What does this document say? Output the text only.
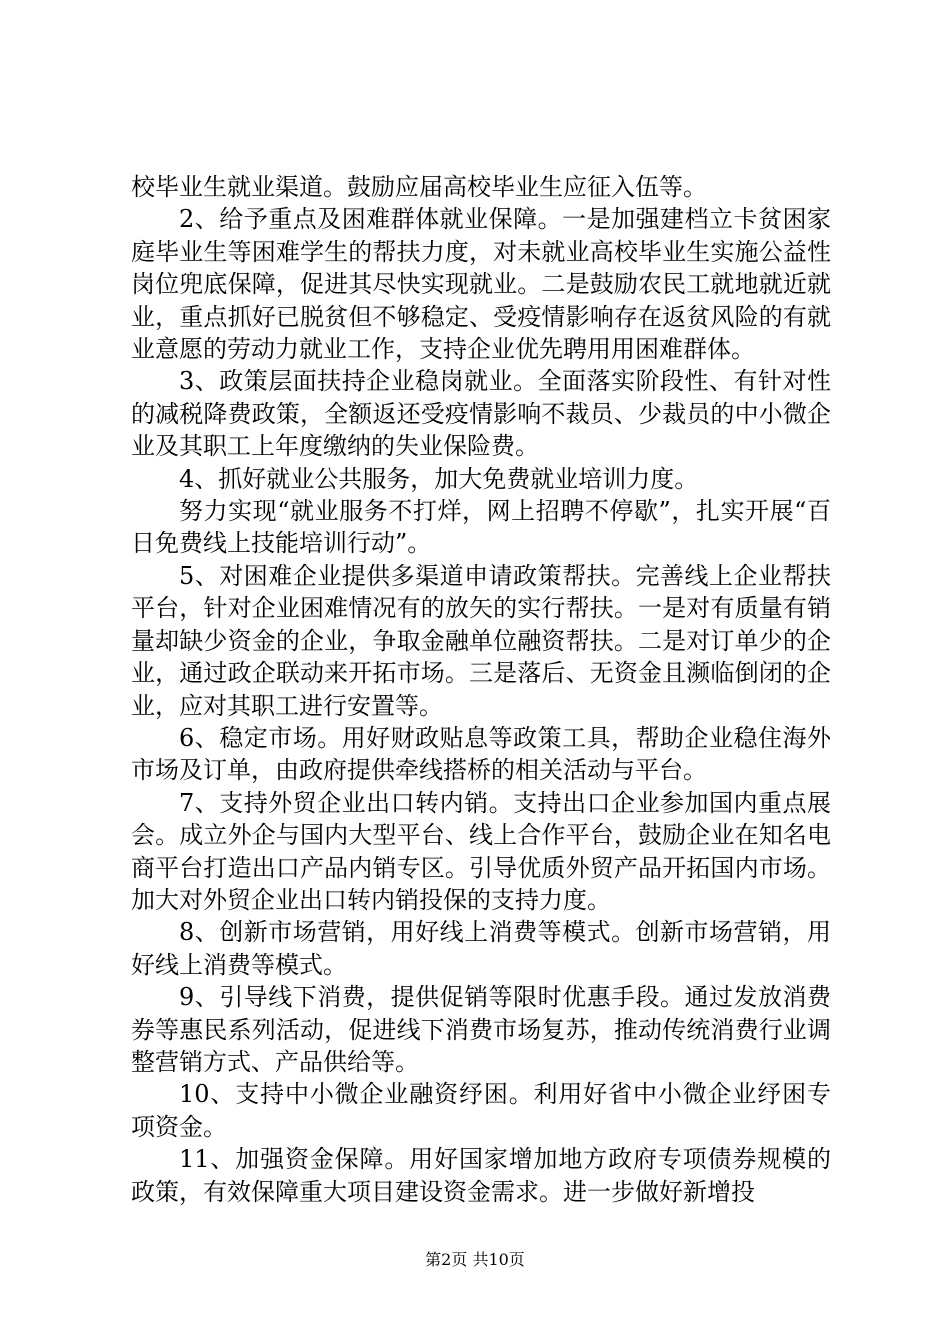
校毕业生就业渠道。鼓励应届高校毕业生应征入伍等。

2、给予重点及困难群体就业保障。一是加强建档立卡贫困家庭毕业生等困难学生的帮扶力度，对未就业高校毕业生实施公益性岗位兜底保障，促进其尽快实现就业。二是鼓励农民工就地就近就业，重点抓好已脱贫但不够稳定、受疫情影响存在返贫风险的有就业意愿的劳动力就业工作，支持企业优先聘用用困难群体。

3、政策层面扶持企业稳岗就业。全面落实阶段性、有针对性的减税降费政策，全额返还受疫情影响不裁员、少裁员的中小微企业及其职工上年度缴纳的失业保险费。

4、抓好就业公共服务，加大免费就业培训力度。

努力实现“就业服务不打烊，网上招聘不停歇”，扎实开展“百日免费线上技能培训行动”。

5、对困难企业提供多渠道申请政策帮扶。完善线上企业帮扶平台，针对企业困难情况有的放矢的实行帮扶。一是对有质量有销量却缺少资金的企业，争取金融单位融资帮扶。二是对订单少的企业，通过政企联动来开拓市场。三是落后、无资金且濒临倒闭的企业，应对其职工进行安置等。

6、稳定市场。用好财政贴息等政策工具，帮助企业稳住海外市场及订单，由政府提供牵线搭桥的相关活动与平台。

7、支持外贸企业出口转内销。支持出口企业参加国内重点展会。成立外企与国内大型平台、线上合作平台，鼓励企业在知名电商平台打造出口产品内销专区。引导优质外贸产品开拓国内市场。加大对外贸企业出口转内销投保的支持力度。

8、创新市场营销，用好线上消费等模式。创新市场营销，用好线上消费等模式。

9、引导线下消费，提供促销等限时优惠手段。通过发放消费券等惠民系列活动，促进线下消费市场复苏，推动传统消费行业调整营销方式、产品供给等。

10、支持中小微企业融资纾困。利用好省中小微企业纾困专项资金。

11、加强资金保障。用好国家增加地方政府专项债券规模的政策，有效保障重大项目建设资金需求。进一步做好新增投

第2页 共10页
